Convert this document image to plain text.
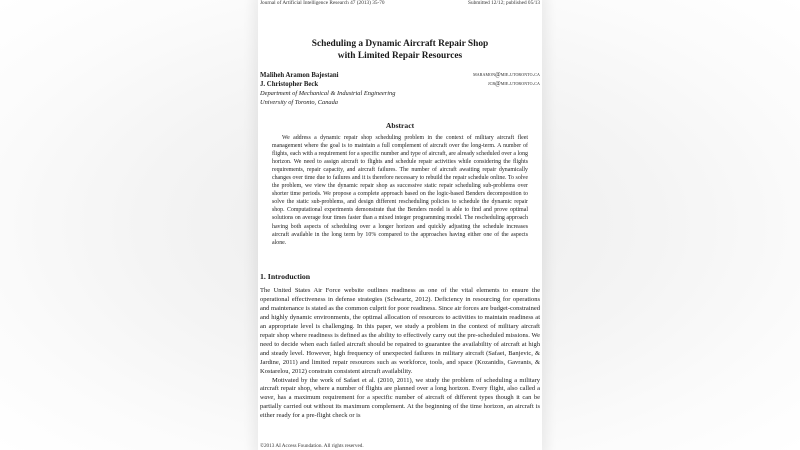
Journal of Artificial Intelligence Research 47 (2013) 35-70	Submitted 12/12; published 05/13
Scheduling a Dynamic Aircraft Repair Shop
with Limited Repair Resources
Maliheh Aramon Bajestani	maramon@mie.utoronto.ca
J. Christopher Beck	jcb@mie.utoronto.ca
Department of Mechanical & Industrial Engineering
University of Toronto, Canada
Abstract
We address a dynamic repair shop scheduling problem in the context of military aircraft fleet management where the goal is to maintain a full complement of aircraft over the long-term. A number of flights, each with a requirement for a specific number and type of aircraft, are already scheduled over a long horizon. We need to assign aircraft to flights and schedule repair activities while considering the flights requirements, repair capacity, and aircraft failures. The number of aircraft awaiting repair dynamically changes over time due to failures and it is therefore necessary to rebuild the repair schedule online. To solve the problem, we view the dynamic repair shop as successive static repair scheduling sub-problems over shorter time periods. We propose a complete approach based on the logic-based Benders decomposition to solve the static sub-problems, and design different rescheduling policies to schedule the dynamic repair shop. Computational experiments demonstrate that the Benders model is able to find and prove optimal solutions on average four times faster than a mixed integer programming model. The rescheduling approach having both aspects of scheduling over a longer horizon and quickly adjusting the schedule increases aircraft available in the long term by 10% compared to the approaches having either one of the aspects alone.
1. Introduction

The United States Air Force website outlines readiness as one of the vital elements to ensure the operational effectiveness in defense strategies (Schwartz, 2012). Deficiency in resourcing for operations and maintenance is stated as the common culprit for poor readiness. Since air forces are budget-constrained and highly dynamic environments, the optimal allocation of resources to activities to maintain readiness at an appropriate level is challenging. In this paper, we study a problem in the context of military aircraft repair shop where readiness is defined as the ability to effectively carry out the pre-scheduled missions. We need to decide when each failed aircraft should be repaired to guarantee the availability of aircraft at high and steady level. However, high frequency of unexpected failures in military aircraft (Safaei, Banjevic, & Jardine, 2011) and limited repair resources such as workforce, tools, and space (Kozanidis, Gavranis, & Kostarelou, 2012) constrain consistent aircraft availability.

Motivated by the work of Safaei et al. (2010, 2011), we study the problem of scheduling a military aircraft repair shop, where a number of flights are planned over a long horizon. Every flight, also called a wave, has a maximum requirement for a specific number of aircraft of different types though it can be partially carried out without its maximum complement. At the beginning of the time horizon, an aircraft is either ready for a pre-flight check or is

©2013 AI Access Foundation. All rights reserved.
